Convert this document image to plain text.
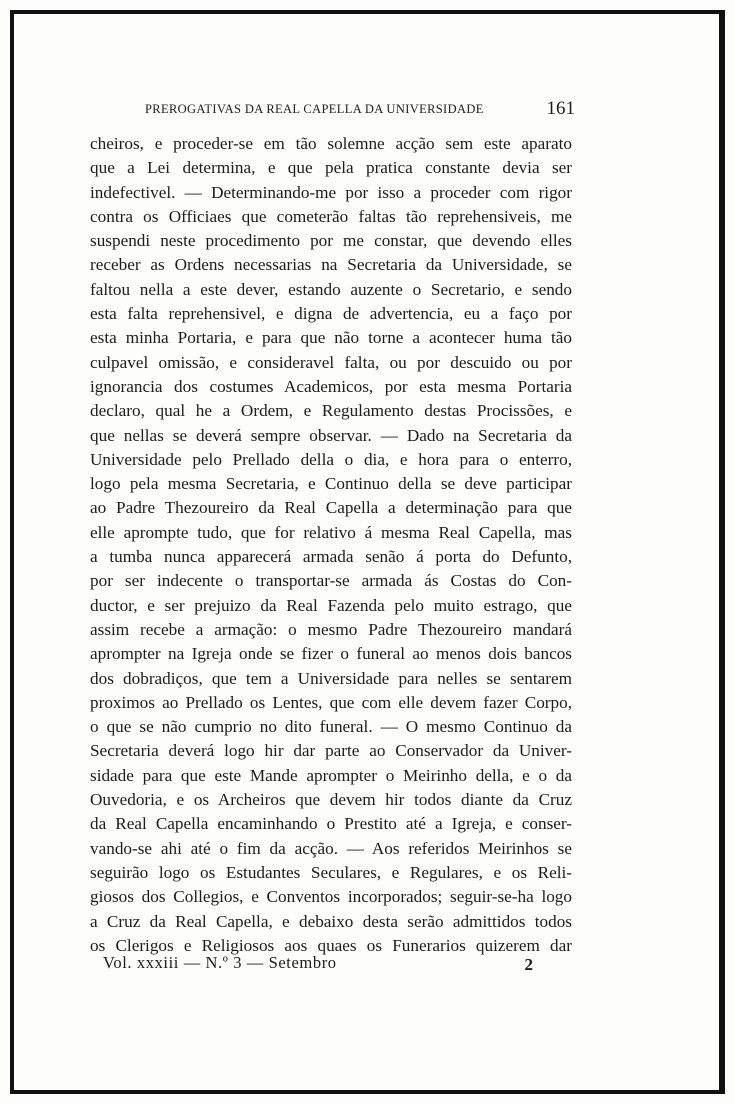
PREROGATIVAS DA REAL CAPELLA DA UNIVERSIDADE	161
cheiros, e proceder-se em tão solemne acção sem este aparato
que a Lei determina, e que pela pratica constante devia ser
indefectivel. — Determinando-me por isso a proceder com rigor
contra os Officiaes que cometerão faltas tão reprehensiveis, me
suspendi neste procedimento por me constar, que devendo elles
receber as Ordens necessarias na Secretaria da Universidade, se
faltou nella a este dever, estando auzente o Secretario, e sendo
esta falta reprehensivel, e digna de advertencia, eu a faço por
esta minha Portaria, e para que não torne a acontecer huma tão
culpavel omissão, e consideravel falta, ou por descuido ou por
ignorancia dos costumes Academicos, por esta mesma Portaria
declaro, qual he a Ordem, e Regulamento destas Procissões, e
que nellas se deverá sempre observar. — Dado na Secretaria da
Universidade pelo Prellado della o dia, e hora para o enterro,
logo pela mesma Secretaria, e Continuo della se deve participar
ao Padre Thezoureiro da Real Capella a determinação para que
elle apromptе tudo, que for relativo á mesma Real Capella, mas
a tumba nunca apparecerá armada senão á porta do Defunto,
por ser indecente o transportar-se armada ás Costas do Con-
ductor, e ser prejuizo da Real Fazenda pelo muito estrago, que
assim recebe a armação: o mesmo Padre Thezoureiro mandará
aprompter na Igreja onde se fizer o funeral ao menos dois bancos
dos dobradiços, que tem a Universidade para nelles se sentarem
proximos ao Prellado os Lentes, que com elle devem fazer Corpo,
o que se não cumprio no dito funeral. — O mesmo Continuo da
Secretaria deverá logo hir dar parte ao Conservador da Univer-
sidade para que este Mande aprompter o Meirinho della, e o da
Ouvedoria, e os Archeiros que devem hir todos diante da Cruz
da Real Capella encaminhando o Prestito até a Igreja, e conser-
vando-se ahi até o fim da acção. — Aos referidos Meirinhos se
seguirão logo os Estudantes Seculares, e Regulares, e os Reli-
giosos dos Collegios, e Conventos incorporados; seguir-se-ha logo
a Cruz da Real Capella, e debaixo desta serão admittidos todos
os Clerigos e Religiosos aos quaes os Funerarios quizerem dar
Vol. xxxiii — N.º 3 — Setembro	2
